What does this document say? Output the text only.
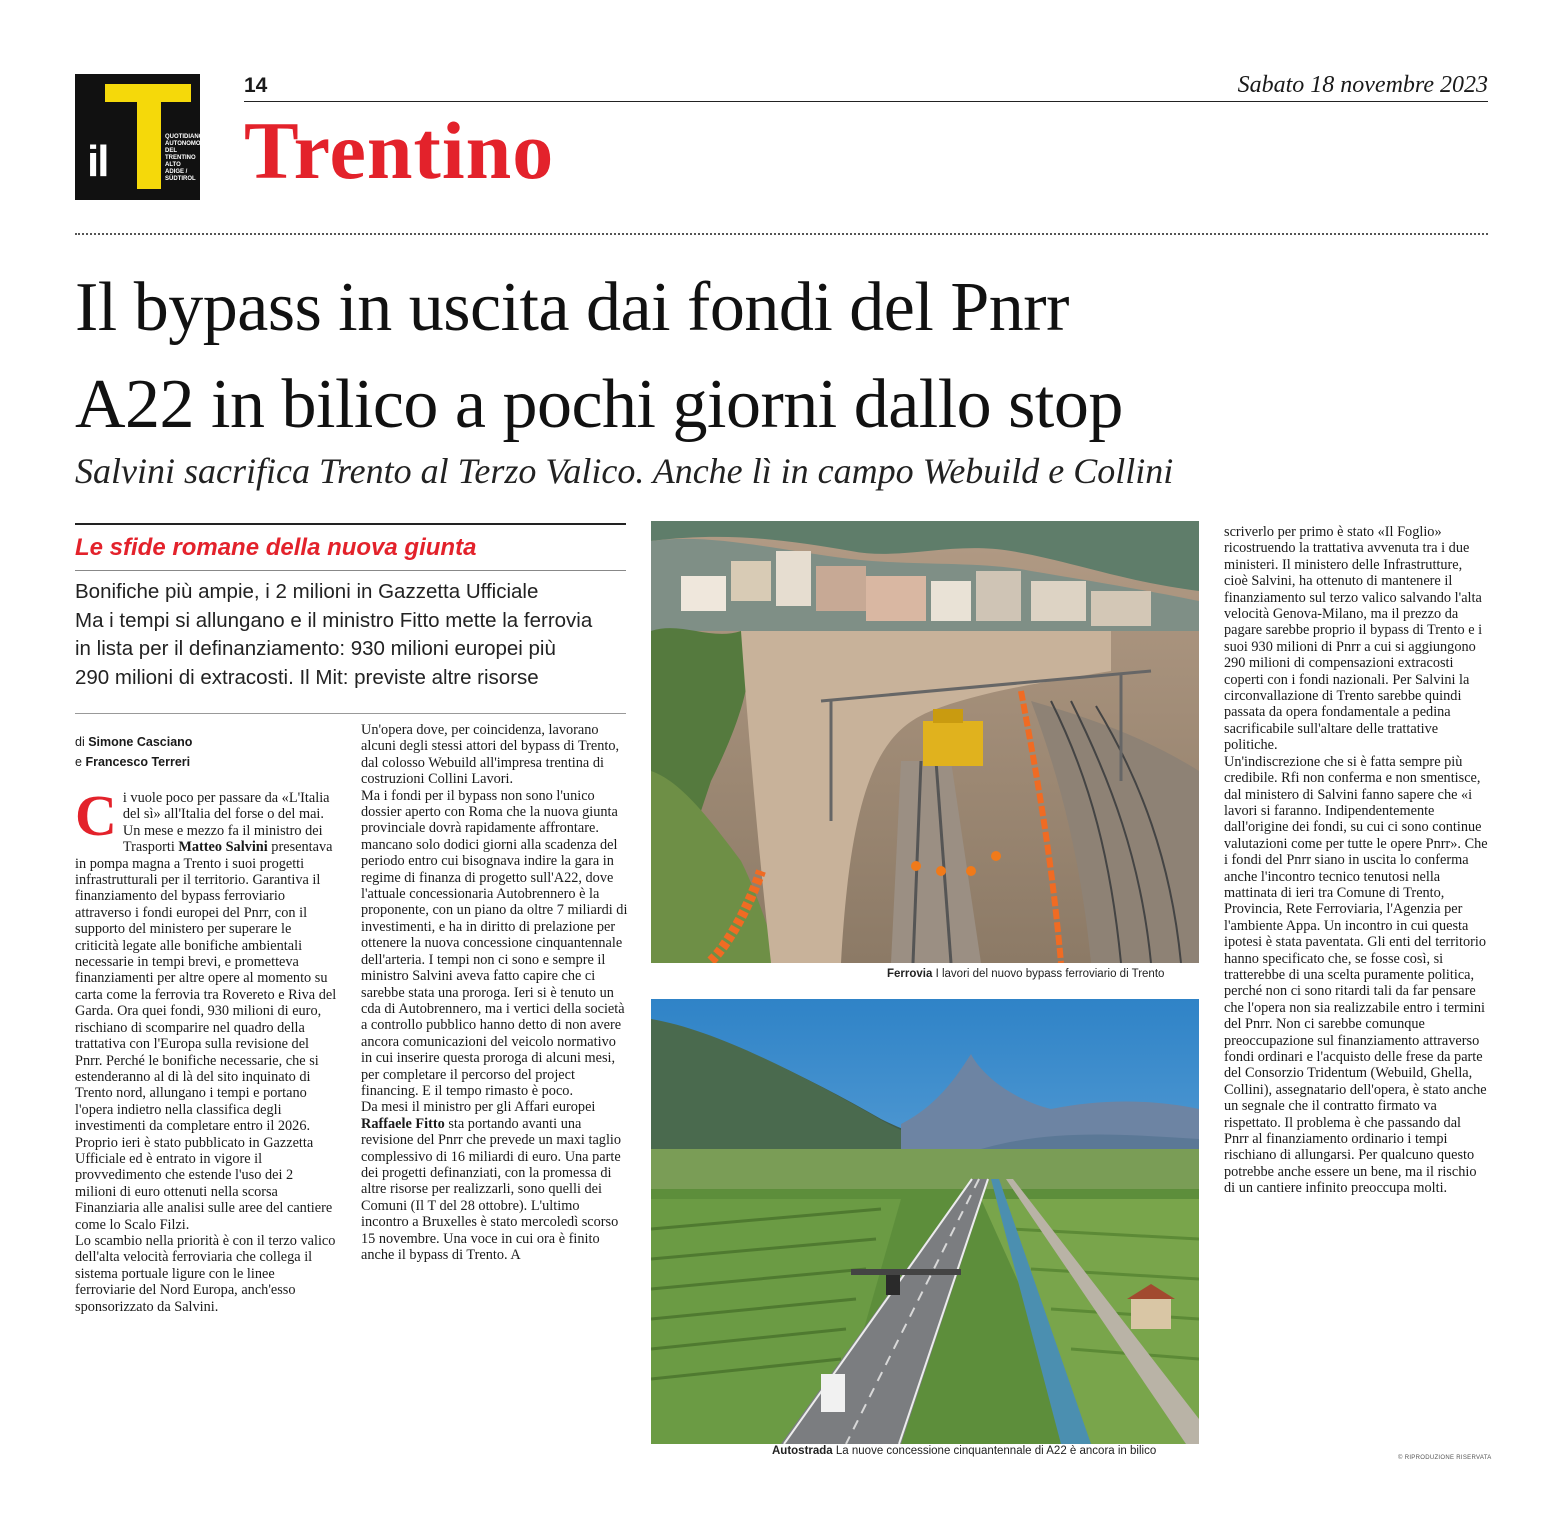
il	QUOTIDIANO AUTONOMO DEL TRENTINO ALTO ADIGE / SÜDTIROL
14	Sabato 18 novembre 2023
Trentino
Il bypass in uscita dai fondi del Pnrr
A22 in bilico a pochi giorni dallo stop
Salvini sacrifica Trento al Terzo Valico. Anche lì in campo Webuild e Collini
Le sfide romane della nuova giunta
Bonifiche più ampie, i 2 milioni in Gazzetta Ufficiale
Ma i tempi si allungano e il ministro Fitto mette la ferrovia
in lista per il definanziamento: 930 milioni europei più
290 milioni di extracosti. Il Mit: previste altre risorse
di Simone Casciano
e Francesco Terreri

Ci vuole poco per passare da «L'Italia del sì» all'Italia del forse o del mai. Un mese e mezzo fa il ministro dei Trasporti Matteo Salvini presentava in pompa magna a Trento i suoi progetti infrastrutturali per il territorio. Garantiva il finanziamento del bypass ferroviario attraverso i fondi europei del Pnrr, con il supporto del ministero per superare le criticità legate alle bonifiche ambientali necessarie in tempi brevi, e prometteva finanziamenti per altre opere al momento su carta come la ferrovia tra Rovereto e Riva del Garda. Ora quei fondi, 930 milioni di euro, rischiano di scomparire nel quadro della trattativa con l'Europa sulla revisione del Pnrr. Perché le bonifiche necessarie, che si estenderanno al di là del sito inquinato di Trento nord, allungano i tempi e portano l'opera indietro nella classifica degli investimenti da completare entro il 2026. Proprio ieri è stato pubblicato in Gazzetta Ufficiale ed è entrato in vigore il provvedimento che estende l'uso dei 2 milioni di euro ottenuti nella scorsa Finanziaria alle analisi sulle aree del cantiere come lo Scalo Filzi.

Lo scambio nella priorità è con il terzo valico dell'alta velocità ferroviaria che collega il sistema portuale ligure con le linee ferroviarie del Nord Europa, anch'esso sponsorizzato da Salvini.

Un'opera dove, per coincidenza, lavorano alcuni degli stessi attori del bypass di Trento, dal colosso Webuild all'impresa trentina di costruzioni Collini Lavori.

Ma i fondi per il bypass non sono l'unico dossier aperto con Roma che la nuova giunta provinciale dovrà rapidamente affrontare. mancano solo dodici giorni alla scadenza del periodo entro cui bisognava indire la gara in regime di finanza di progetto sull'A22, dove l'attuale concessionaria Autobrennero è la proponente, con un piano da oltre 7 miliardi di investimenti, e ha in diritto di prelazione per ottenere la nuova concessione cinquantennale dell'arteria. I tempi non ci sono e sempre il ministro Salvini aveva fatto capire che ci sarebbe stata una proroga. Ieri si è tenuto un cda di Autobrennero, ma i vertici della società a controllo pubblico hanno detto di non avere ancora comunicazioni del veicolo normativo in cui inserire questa proroga di alcuni mesi, per completare il percorso del project financing. E il tempo rimasto è poco.

Da mesi il ministro per gli Affari europei Raffaele Fitto sta portando avanti una revisione del Pnrr che prevede un maxi taglio complessivo di 16 miliardi di euro. Una parte dei progetti definanziati, con la promessa di altre risorse per realizzarli, sono quelli dei Comuni (Il T del 28 ottobre). L'ultimo incontro a Bruxelles è stato mercoledì scorso 15 novembre. Una voce in cui ora è finito anche il bypass di Trento. A

Ferrovia I lavori del nuovo bypass ferroviario di Trento
Autostrada La nuove concessione cinquantennale di A22 è ancora in bilico

scriverlo per primo è stato «Il Foglio» ricostruendo la trattativa avvenuta tra i due ministeri. Il ministero delle Infrastrutture, cioè Salvini, ha ottenuto di mantenere il finanziamento sul terzo valico salvando l'alta velocità Genova-Milano, ma il prezzo da pagare sarebbe proprio il bypass di Trento e i suoi 930 milioni di Pnrr a cui si aggiungono 290 milioni di compensazioni extracosti coperti con i fondi nazionali. Per Salvini la circonvallazione di Trento sarebbe quindi passata da opera fondamentale a pedina sacrificabile sull'altare delle trattative politiche.

Un'indiscrezione che si è fatta sempre più credibile. Rfi non conferma e non smentisce, dal ministero di Salvini fanno sapere che «i lavori si faranno. Indipendentemente dall'origine dei fondi, su cui ci sono continue valutazioni come per tutte le opere Pnrr». Che i fondi del Pnrr siano in uscita lo conferma anche l'incontro tecnico tenutosi nella mattinata di ieri tra Comune di Trento, Provincia, Rete Ferroviaria, l'Agenzia per l'ambiente Appa. Un incontro in cui questa ipotesi è stata paventata. Gli enti del territorio hanno specificato che, se fosse così, si tratterebbe di una scelta puramente politica, perché non ci sono ritardi tali da far pensare che l'opera non sia realizzabile entro i termini del Pnrr. Non ci sarebbe comunque preoccupazione sul finanziamento attraverso fondi ordinari e l'acquisto delle frese da parte del Consorzio Tridentum (Webuild, Ghella, Collini), assegnatario dell'opera, è stato anche un segnale che il contratto firmato va rispettato. Il problema è che passando dal Pnrr al finanziamento ordinario i tempi rischiano di allungarsi. Per qualcuno questo potrebbe anche essere un bene, ma il rischio di un cantiere infinito preoccupa molti.

© RIPRODUZIONE RISERVATA
